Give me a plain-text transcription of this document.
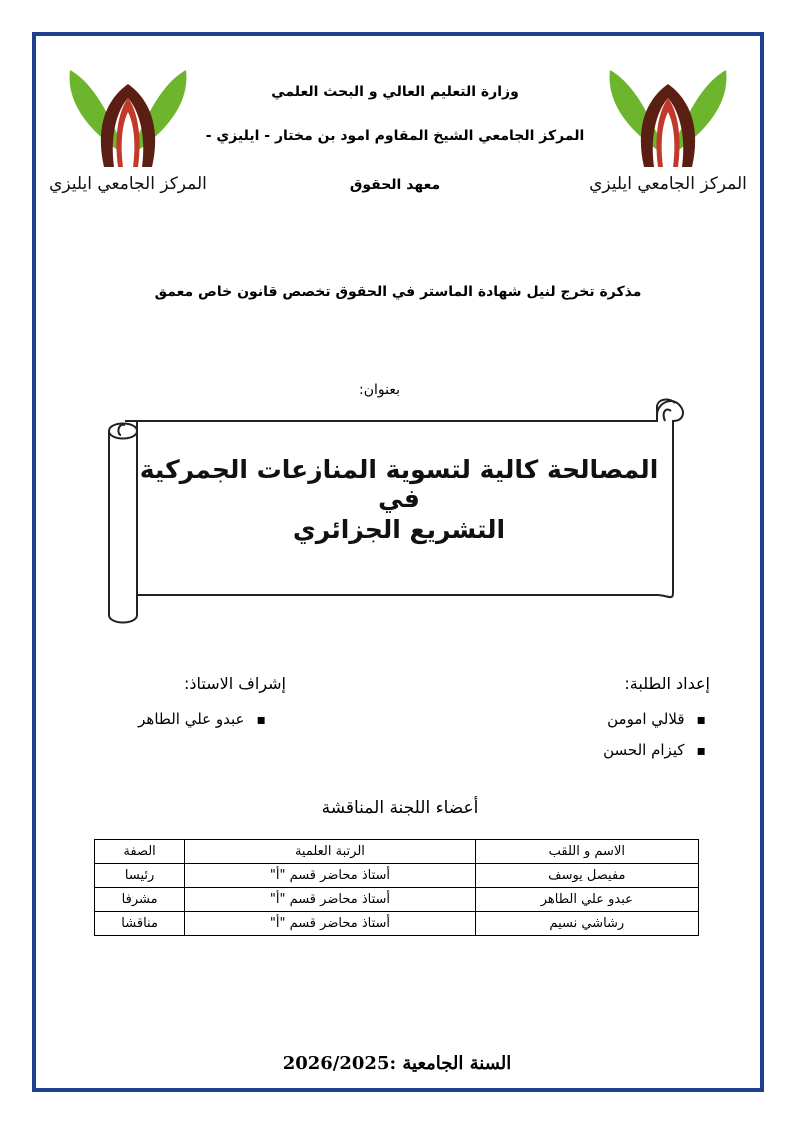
المركز الجامعي ايليزي	المركز الجامعي ايليزي
وزارة التعليم العالي و البحث العلمي
المركز الجامعي الشيخ المقاوم امود بن مختار - ايليزي -
معهد الحقوق
مذكرة تخرج لنيل شهادة الماستر في الحقوق تخصص قانون خاص معمق
بعنوان:
المصالحة كالية لتسوية المنازعات الجمركية في
التشريع الجزائري
إعداد الطلبة:
▪ قلالي امومن
▪ كيزام الحسن
إشراف الاستاذ:
▪ عبدو علي الطاهر
أعضاء اللجنة المناقشة
الاسم و اللقب	الرتبة العلمية	الصفة
مفيصل يوسف	أستاذ محاضر قسم "أ"	رئيسا
عبدو علي الطاهر	أستاذ محاضر قسم "أ"	مشرفا
رشاشي نسيم	أستاذ محاضر قسم "أ"	مناقشا
السنة الجامعية :2026/2025
